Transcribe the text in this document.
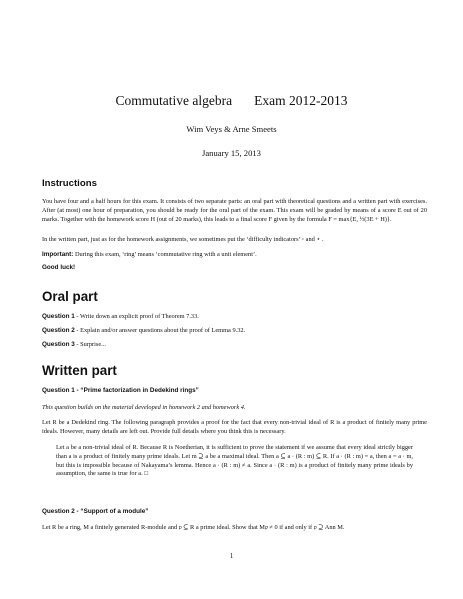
Commutative algebra Exam 2012-2013
Wim Veys & Arne Smeets
January 15, 2013
Instructions
You have four and a half hours for this exam. It consists of two separate parts: an oral part with theoretical questions and a written part with exercises. After (at most) one hour of preparation, you should be ready for the oral part of the exam. This exam will be graded by means of a score E out of 20 marks. Together with the homework score H (out of 20 marks), this leads to a final score F given by the formula F = max{E, ½(3E + H)}.
In the written part, just as for the homework assignments, we sometimes put the ‘difficulty indicators’ ◦ and ⋆ .
Important: During this exam, ‘ring’ means ‘commutative ring with a unit element’.
Good luck!
Oral part
Question 1 - Write down an explicit proof of Theorem 7.33.
Question 2 - Explain and/or answer questions about the proof of Lemma 9.32.
Question 3 - Surprise...
Written part
Question 1 - “Prime factorization in Dedekind rings”
This question builds on the material developed in homework 2 and homework 4.
Let R be a Dedekind ring. The following paragraph provides a proof for the fact that every non-trivial ideal of R is a product of finitely many prime ideals. However, many details are left out. Provide full details where you think this is necessary.
Let a be a non-trivial ideal of R. Because R is Noetherian, it is sufficient to prove the statement if we assume that every ideal strictly bigger than a is a product of finitely many prime ideals. Let m ⊇ a be a maximal ideal. Then a ⊆ a · (R : m) ⊆ R. If a · (R : m) = a, then a = a · m, but this is impossible because of Nakayama’s lemma. Hence a · (R : m) ≠ a. Since a · (R : m) is a product of finitely many prime ideals by assumption, the same is true for a. □
Question 2 - “Support of a module”
Let R be a ring, M a finitely generated R-module and 𝔭 ⊆ R a prime ideal. Show that M𝔭 ≠ 0 if and only if 𝔭 ⊇ Ann M.
1
